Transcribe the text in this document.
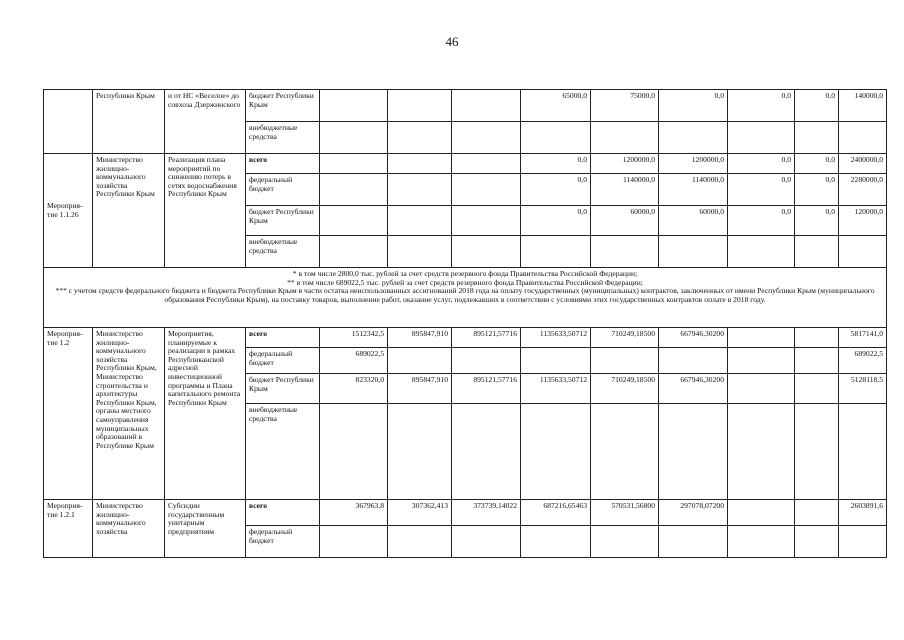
46
	Республики Крым	и от НС «Веселое» до совхоза Дзержинского	бюджет Республики Крым				65000,0	75000,0	0,0	0,0	0,0	140000,0
			внебюджетные средства									
Мероприя-тие 1.1.26	Министерство жилищно-коммунального хозяйства Республики Крым	Реализация плана мероприятий по снижению потерь в сетях водоснабжения Республики Крым	всего				0,0	1200000,0	1200000,0	0,0	0,0	2400000,0
			федеральный бюджет				0,0	1140000,0	1140000,0	0,0	0,0	2280000,0
			бюджет Республики Крым				0,0	60000,0	60000,0	0,0	0,0	120000,0
			внебюджетные средства									

* в том числе 2800,0 тыс. рублей за счет средств резервного фонда Правительства Российской Федерации;

** в том числе 689022,5 тыс. рублей за счет средств резервного фонда Правительства Российской Федерации;

*** с учетом средств федерального бюджета и бюджета Республики Крым в части остатка неиспользованных ассигнований 2018 года на оплату государственных (муниципальных) контрактов, заключенных от имени Республики Крым (муниципального образования Республики Крым), на поставку товаров, выполнение работ, оказание услуг, подлежавших в соответствии с условиями этих государственных контрактов оплате в 2018 году.												

Мероприя-тие 1.2	Министерство жилищно-коммунального хозяйства Республики Крым, Министерство строительства и архитектуры Республики Крым, органы местного самоуправления муниципальных образований в Республике Крым	Мероприятия, планируемые к реализации в рамках Республиканской адресной инвестиционной программы и Плана капитального ремонта Республики Крым	всего	1512342,5	895847,910	895121,57716	1135633,50712	710249,18500	667946,30200			5817141,0
			федеральный бюджет	689022,5								689022,5
			бюджет Республики Крым	823320,0	895847,910	895121,57716	1135633,50712	710249,18500	667946,30200			5128118,5
			внебюджетные средства									
Мероприя-тие 1.2.1	Министерство жилищно-коммунального хозяйства	Субсидии государственным унитарным предприятиям	всего	367963,8	307362,413	373739,14022	687216,65463	570531,56800	297078,07200			2603891,6
			федеральный бюджет									
